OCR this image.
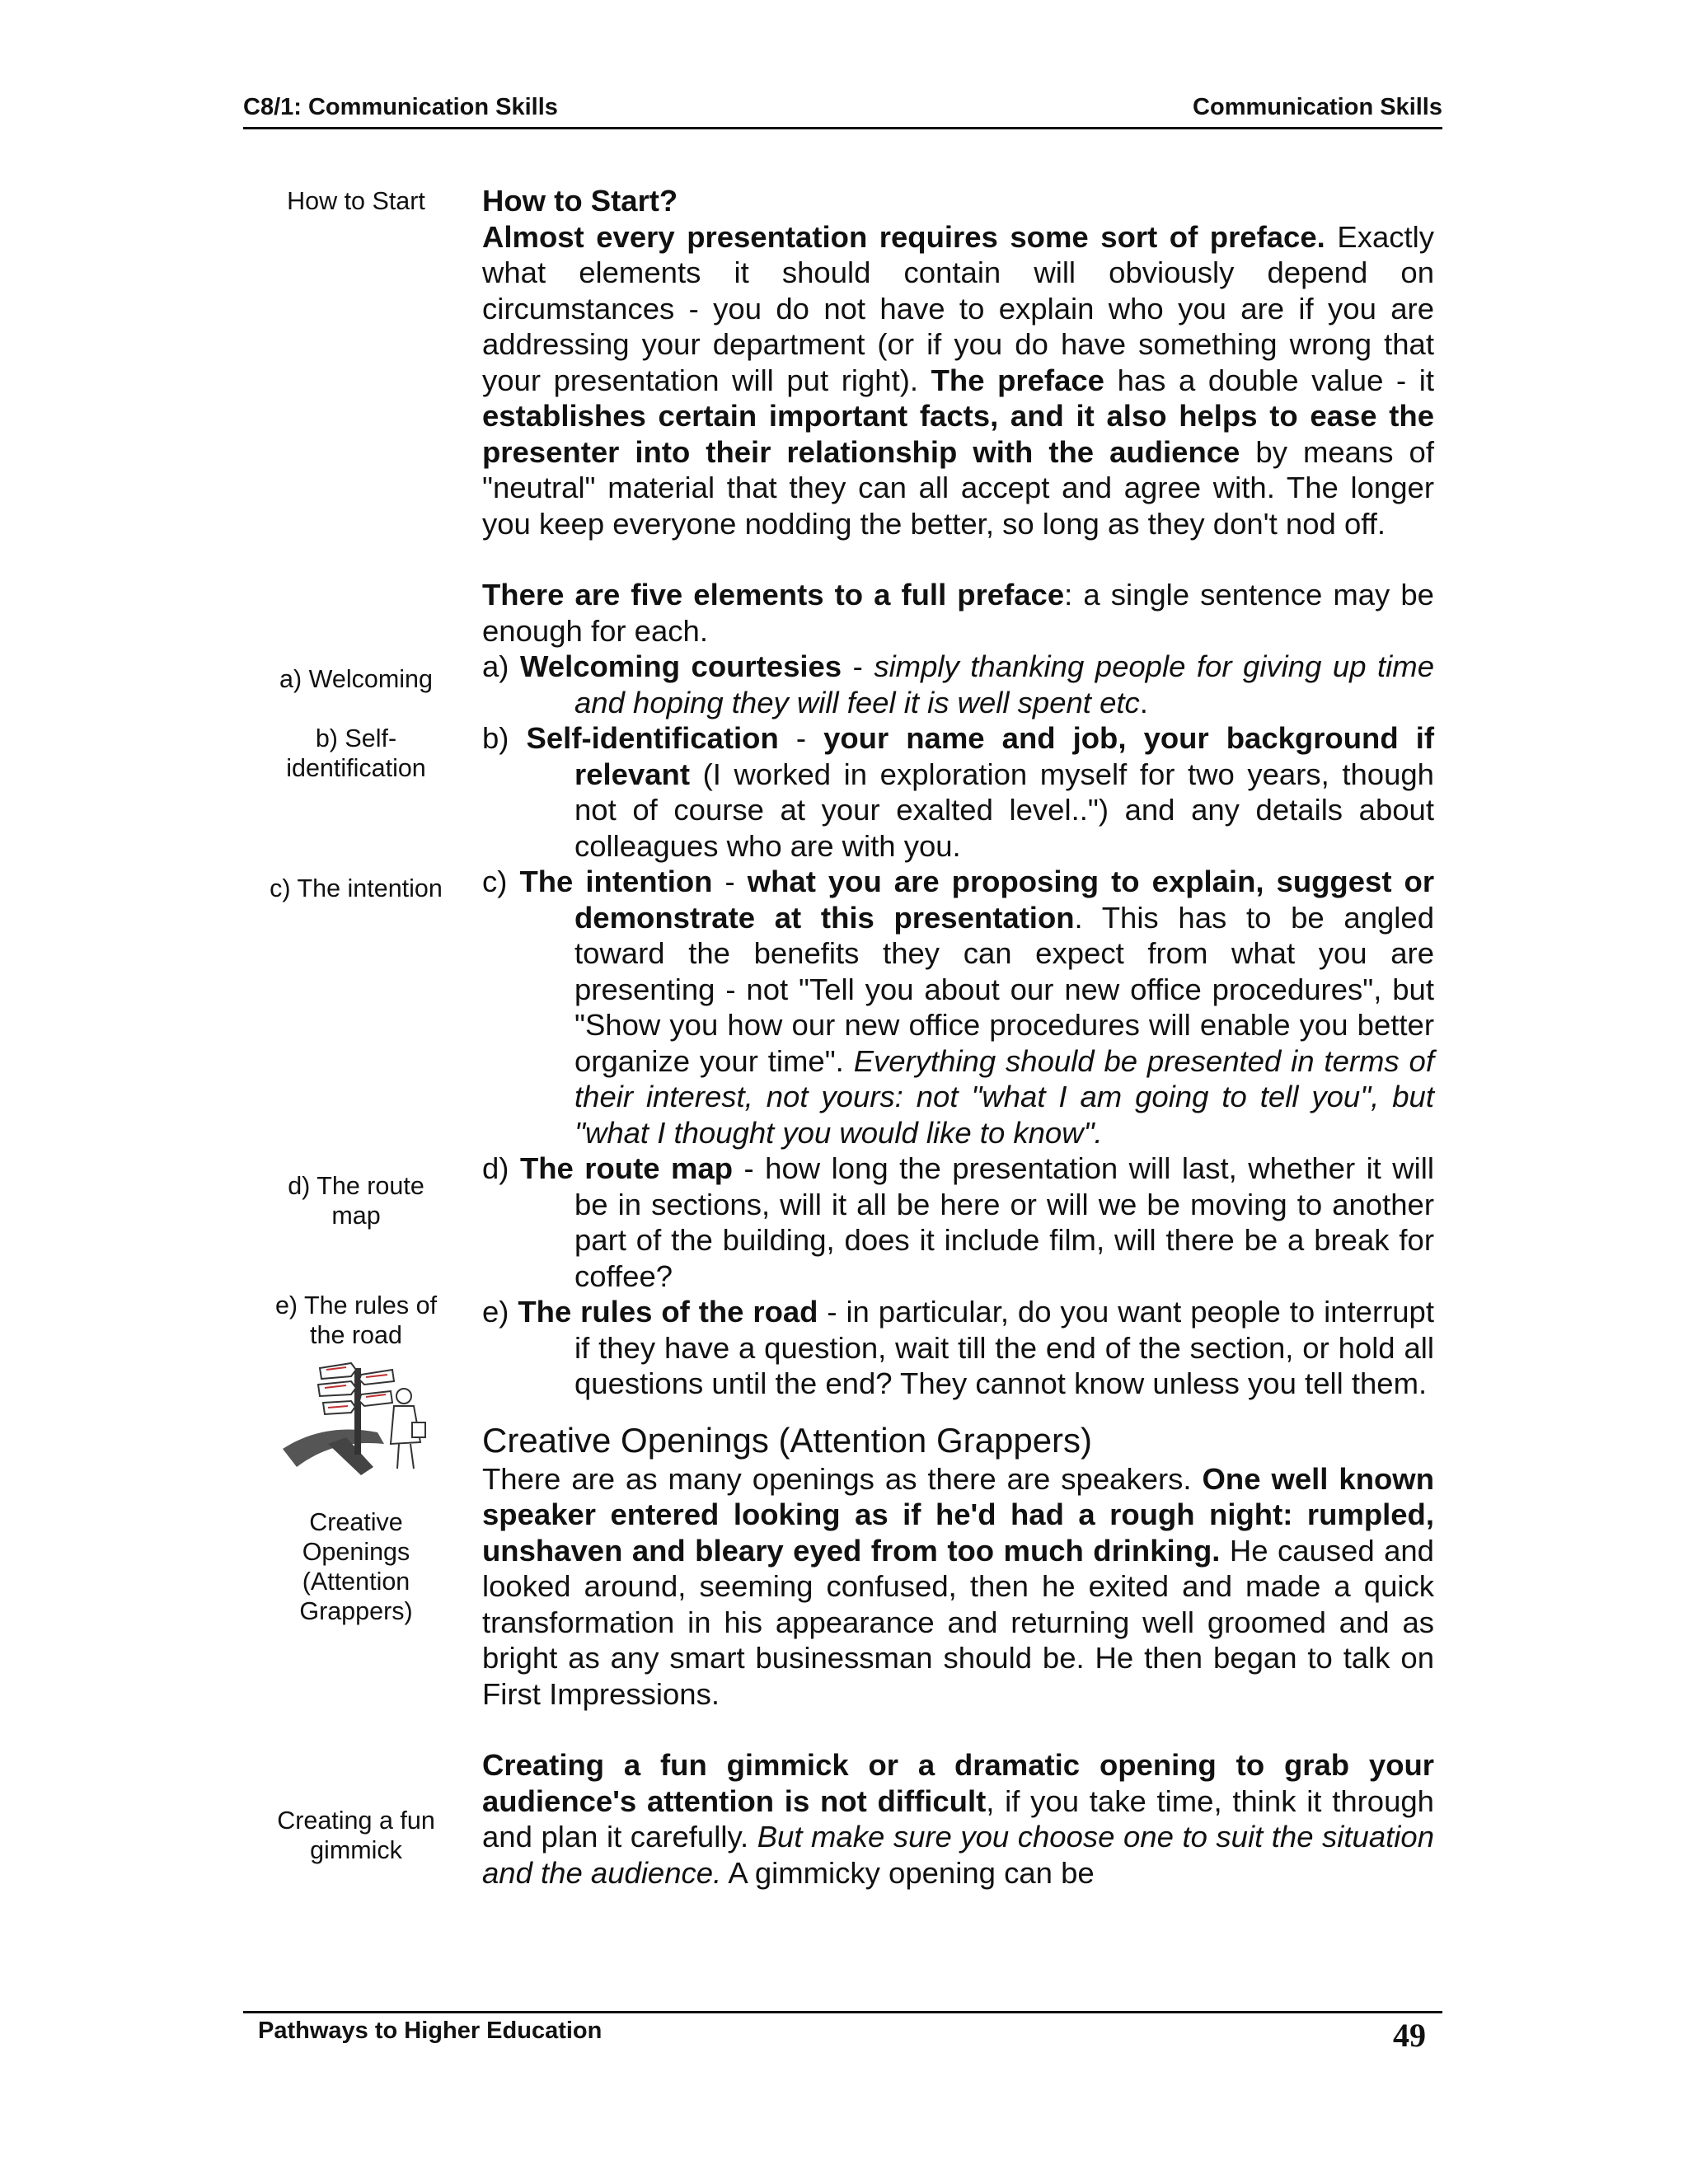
C8/1: Communication Skills	Communication Skills
How to Start
a) Welcoming
b) Self-identification
c) The intention
d) The route map
e) The rules of the road
Creative Openings (Attention Grappers)
Creating a fun gimmick

How to Start?

Almost every presentation requires some sort of preface. Exactly what elements it should contain will obviously depend on circumstances - you do not have to explain who you are if you are addressing your department (or if you do have something wrong that your presentation will put right). The preface has a double value - it establishes certain important facts, and it also helps to ease the presenter into their relationship with the audience by means of "neutral" material that they can all accept and agree with. The longer you keep everyone nodding the better, so long as they don't nod off.

There are five elements to a full preface: a single sentence may be enough for each.

a) Welcoming courtesies - simply thanking people for giving up time and hoping they will feel it is well spent etc.

b) Self-identification - your name and job, your background if relevant (I worked in exploration myself for two years, though not of course at your exalted level..") and any details about colleagues who are with you.

c) The intention - what you are proposing to explain, suggest or demonstrate at this presentation. This has to be angled toward the benefits they can expect from what you are presenting - not "Tell you about our new office procedures", but "Show you how our new office procedures will enable you better organize your time". Everything should be presented in terms of their interest, not yours: not "what I am going to tell you", but "what I thought you would like to know".

d) The route map - how long the presentation will last, whether it will be in sections, will it all be here or will we be moving to another part of the building, does it include film, will there be a break for coffee?

e) The rules of the road - in particular, do you want people to interrupt if they have a question, wait till the end of the section, or hold all questions until the end? They cannot know unless you tell them.

Creative Openings (Attention Grappers)

There are as many openings as there are speakers. One well known speaker entered looking as if he'd had a rough night: rumpled, unshaven and bleary eyed from too much drinking. He caused and looked around, seeming confused, then he exited and made a quick transformation in his appearance and returning well groomed and as bright as any smart businessman should be. He then began to talk on First Impressions.

Creating a fun gimmick or a dramatic opening to grab your audience's attention is not difficult, if you take time, think it through and plan it carefully. But make sure you choose one to suit the situation and the audience. A gimmicky opening can be

Pathways to Higher Education	49
